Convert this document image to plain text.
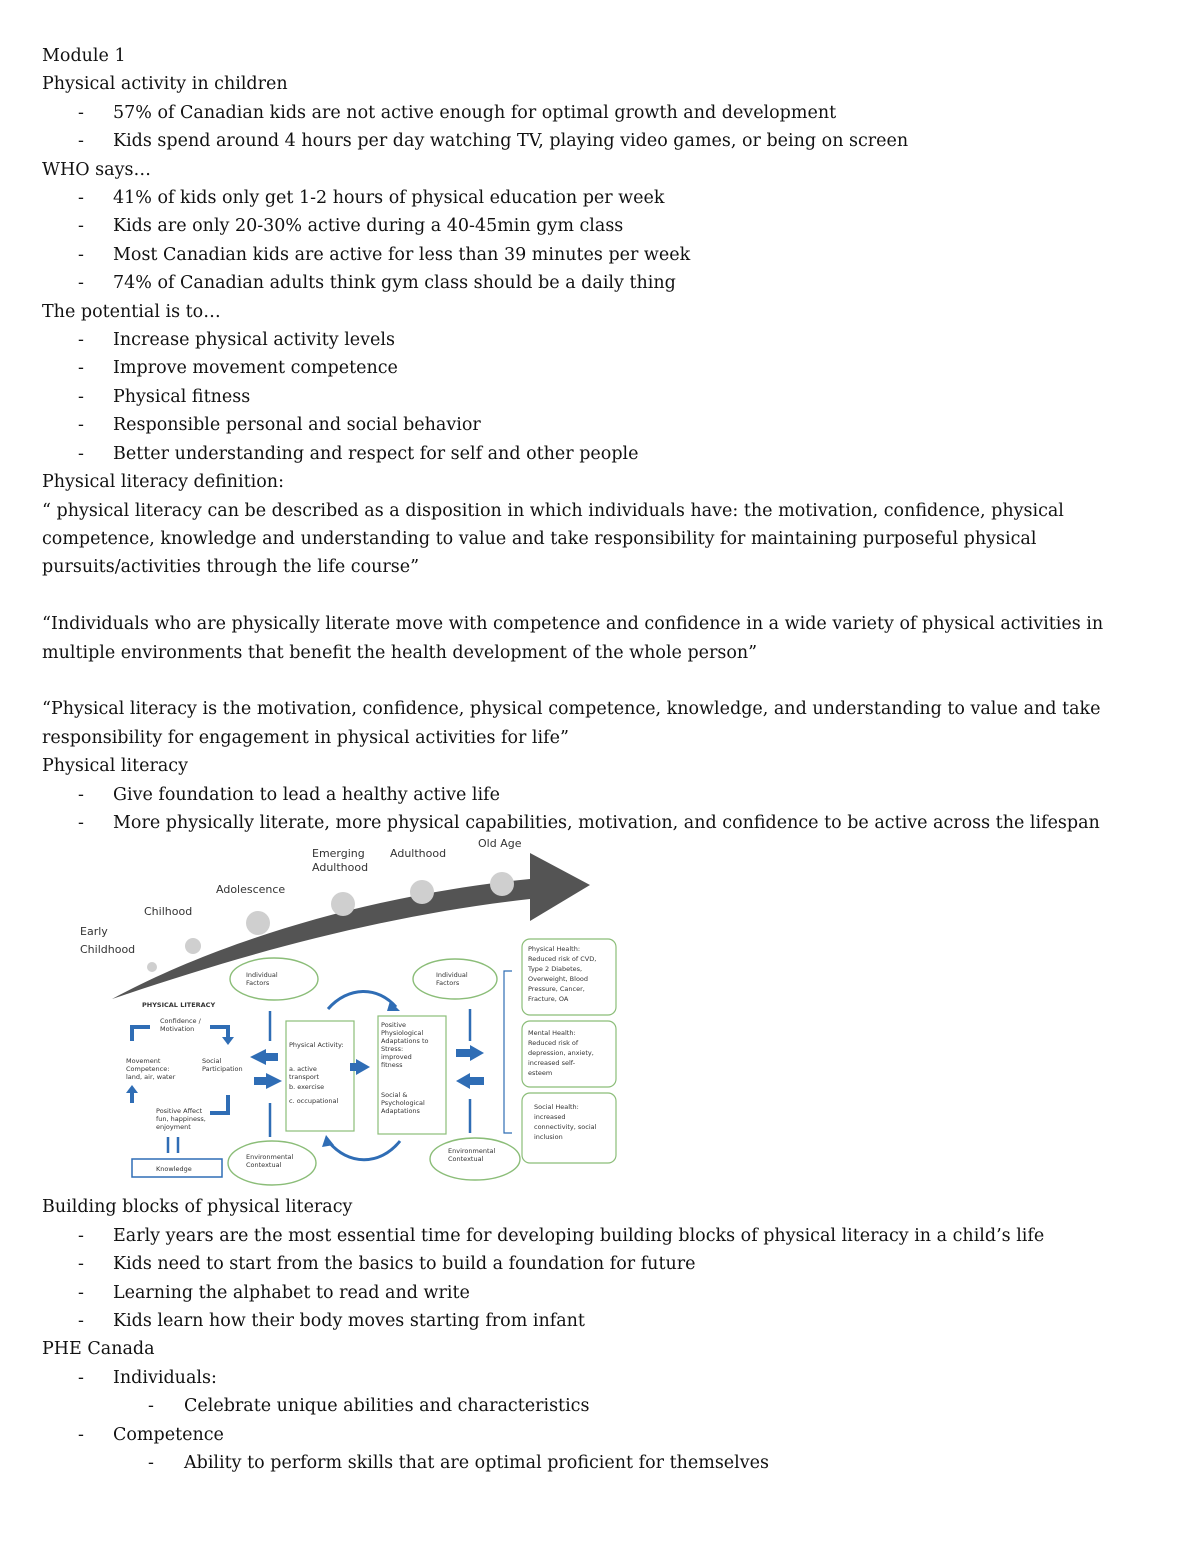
Module 1
Physical activity in children
- 57% of Canadian kids are not active enough for optimal growth and development
- Kids spend around 4 hours per day watching TV, playing video games, or being on screen
WHO says…
- 41% of kids only get 1-2 hours of physical education per week
- Kids are only 20-30% active during a 40-45min gym class
- Most Canadian kids are active for less than 39 minutes per week
- 74% of Canadian adults think gym class should be a daily thing
The potential is to…
- Increase physical activity levels
- Improve movement competence
- Physical fitness
- Responsible personal and social behavior
- Better understanding and respect for self and other people
Physical literacy definition:
“ physical literacy can be described as a disposition in which individuals have: the motivation, confidence, physical competence, knowledge and understanding to value and take responsibility for maintaining purposeful physical pursuits/activities through the life course”
“Individuals who are physically literate move with competence and confidence in a wide variety of physical activities in multiple environments that benefit the health development of the whole person”
“Physical literacy is the motivation, confidence, physical competence, knowledge, and understanding to value and take responsibility for engagement in physical activities for life”
Physical literacy
- Give foundation to lead a healthy active life
- More physically literate, more physical capabilities, motivation, and confidence to be active across the lifespan
Early
Childhood
Chilhood
Adolescence
Emerging
Adulthood
Adulthood
Old Age
PHYSICAL LITERACY
Confidence /
Motivation
Movement
Competence:
land, air, water
Social
Participation
Positive Affect
fun, happiness,
enjoyment
Knowledge
Individual
Factors
Individual
Factors
Environmental
Contextual
Environmental
Contextual
Physical Activity:
a. active
transport
b. exercise
c. occupational
Positive
Physiological
Adaptations to
Stress:
improved
fitness
Social &
Psychological
Adaptations
Physical Health:
Reduced risk of CVD,
Type 2 Diabetes,
Overweight, Blood
Pressure, Cancer,
Fracture, OA
Mental Health:
Reduced risk of
depression, anxiety,
increased self-
esteem
Social Health:
increased
connectivity, social
inclusion
Building blocks of physical literacy
- Early years are the most essential time for developing building blocks of physical literacy in a child’s life
- Kids need to start from the basics to build a foundation for future
- Learning the alphabet to read and write
- Kids learn how their body moves starting from infant
PHE Canada
- Individuals:
- Celebrate unique abilities and characteristics
- Competence
- Ability to perform skills that are optimal proficient for themselves
